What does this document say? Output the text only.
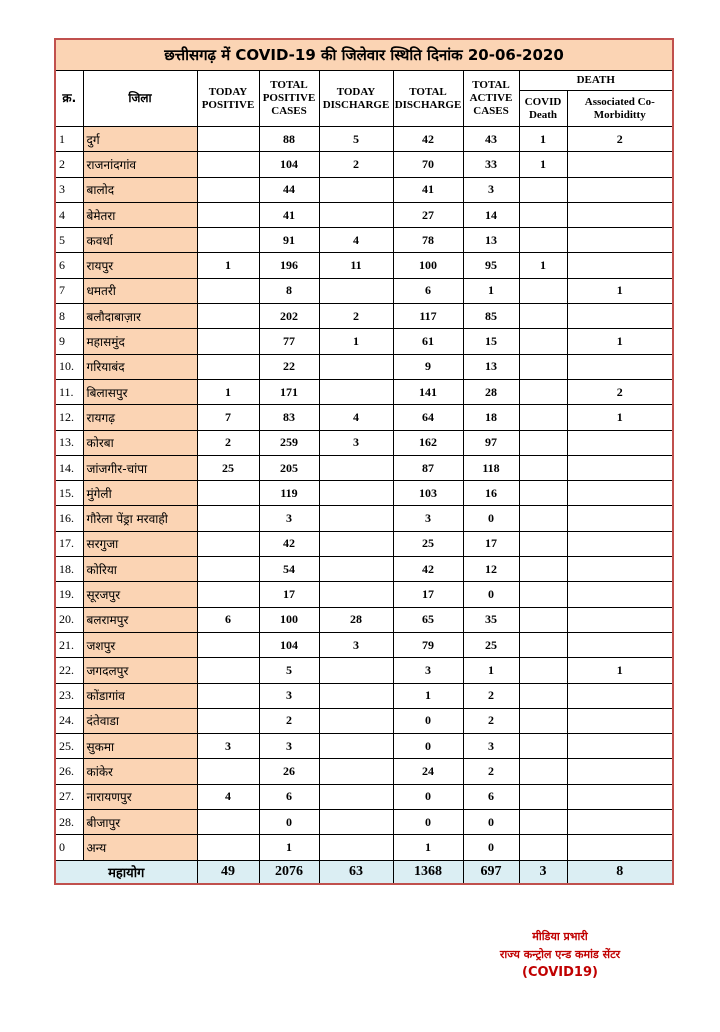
छत्तीसगढ़ में COVID-19 की जिलेवार स्थिति दिनांक 20-06-2020								
क्र.	जिला	TODAY POSITIVE	TOTAL POSITIVE CASES	TODAY DISCHARGE	TOTAL DISCHARGE	TOTAL ACTIVE CASES	DEATH	
							COVID Death	Associated Co-Morbiditty
1	दुर्ग		88	5	42	43	1	2
2	राजनांदगांव		104	2	70	33	1	
3	बालोद		44		41	3		
4	बेमेतरा		41		27	14		
5	कवर्धा		91	4	78	13		
6	रायपुर	1	196	11	100	95	1	
7	धमतरी		8		6	1		1
8	बलौदाबाज़ार		202	2	117	85		
9	महासमुंद		77	1	61	15		1
10.	गरियाबंद		22		9	13		
11.	बिलासपुर	1	171		141	28		2
12.	रायगढ़	7	83	4	64	18		1
13.	कोरबा	2	259	3	162	97		
14.	जांजगीर-चांपा	25	205		87	118		
15.	मुंगेली		119		103	16		
16.	गौरेला पेंड्रा मरवाही		3		3	0		
17.	सरगुजा		42		25	17		
18.	कोरिया		54		42	12		
19.	सूरजपुर		17		17	0		
20.	बलरामपुर	6	100	28	65	35		
21.	जशपुर		104	3	79	25		
22.	जगदलपुर		5		3	1		1
23.	कोंडागांव		3		1	2		
24.	दंतेवाडा		2		0	2		
25.	सुकमा	3	3		0	3		
26.	कांकेर		26		24	2		
27.	नारायणपुर	4	6		0	6		
28.	बीजापुर		0		0	0		
0	अन्य		1		1	0		
महायोग		49	2076	63	1368	697	3	8
मीडिया प्रभारी
राज्य कन्ट्रोल एन्ड कमांड सेंटर
(COVID19)
